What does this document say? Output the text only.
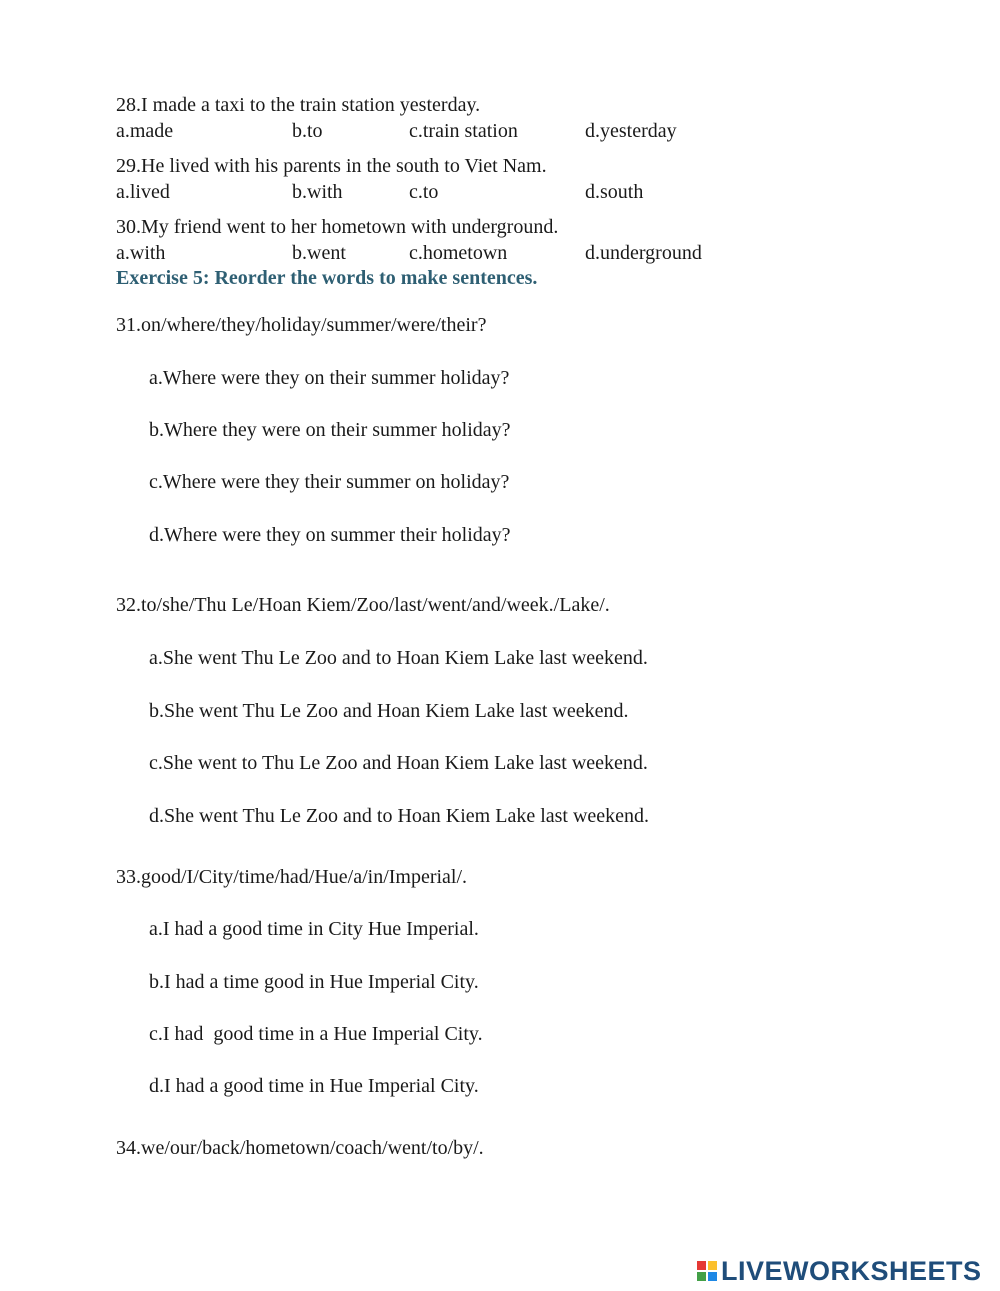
28.I made a taxi to the train station yesterday.
a.made	b.to	c.train station	d.yesterday
29.He lived with his parents in the south to Viet Nam.
a.lived	b.with	c.to	d.south
30.My friend went to her hometown with underground.
a.with	b.went	c.hometown	d.underground
Exercise 5: Reorder the words to make sentences.
31.on/where/they/holiday/summer/were/their?
a.Where were they on their summer holiday?
b.Where they were on their summer holiday?
c.Where were they their summer on holiday?
d.Where were they on summer their holiday?
32.to/she/Thu Le/Hoan Kiem/Zoo/last/went/and/week./Lake/.
a.She went Thu Le Zoo and to Hoan Kiem Lake last weekend.
b.She went Thu Le Zoo and Hoan Kiem Lake last weekend.
c.She went to Thu Le Zoo and Hoan Kiem Lake last weekend.
d.She went Thu Le Zoo and to Hoan Kiem Lake last weekend.
33.good/I/City/time/had/Hue/a/in/Imperial/.
a.I had a good time in City Hue Imperial.
b.I had a time good in Hue Imperial City.
c.I had  good time in a Hue Imperial City.
d.I had a good time in Hue Imperial City.
34.we/our/back/hometown/coach/went/to/by/.
LIVEWORKSHEETS
